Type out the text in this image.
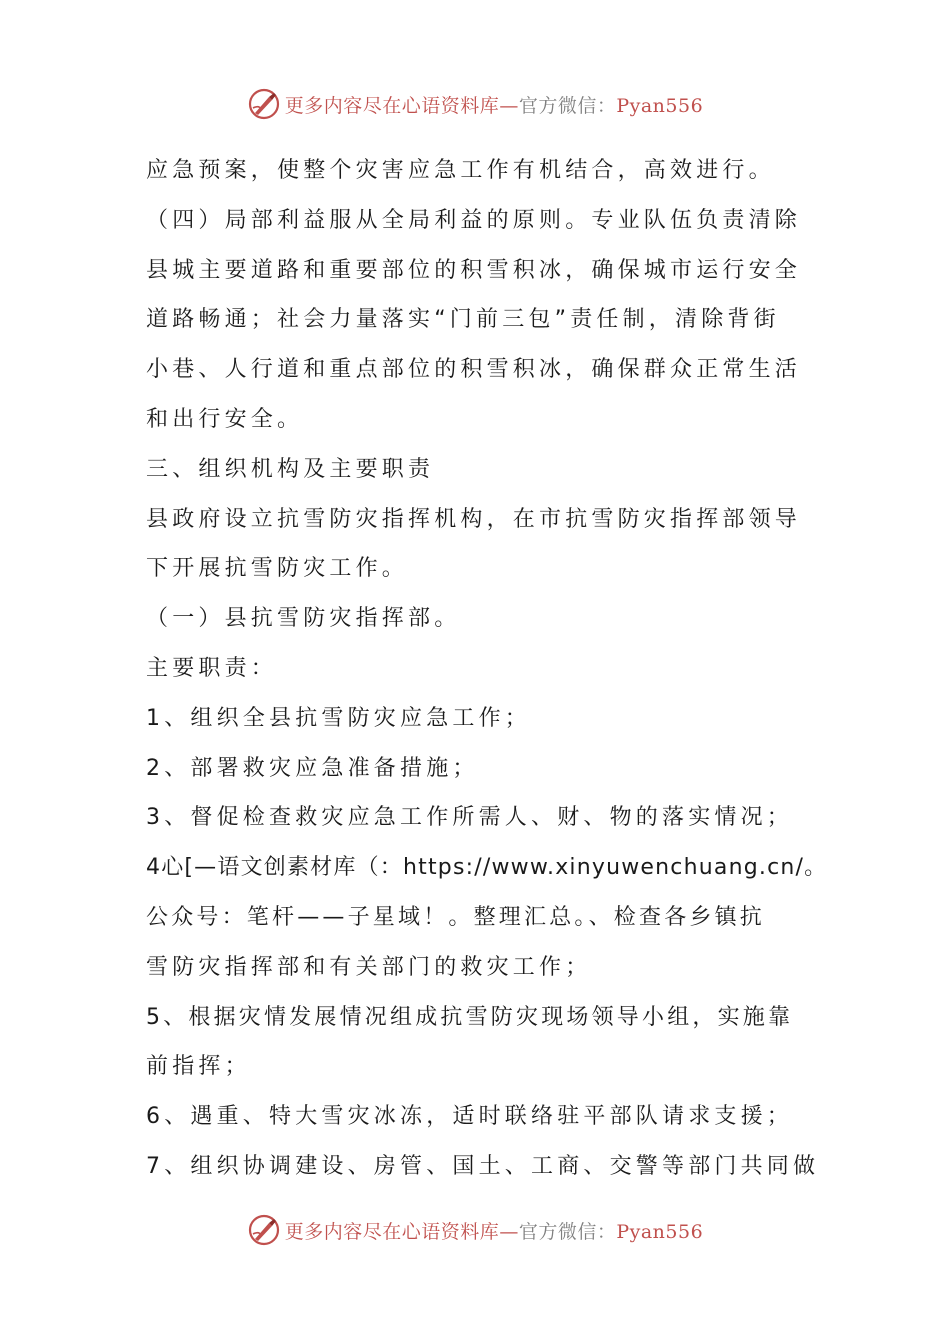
更多内容尽在心语资料库—官方微信：Pyan556
应急预案，使整个灾害应急工作有机结合，高效进行。
（四）局部利益服从全局利益的原则。专业队伍负责清除
县城主要道路和重要部位的积雪积冰，确保城市运行安全
道路畅通；社会力量落实“门前三包”责任制，清除背街
小巷、人行道和重点部位的积雪积冰，确保群众正常生活
和出行安全。
三、组织机构及主要职责
县政府设立抗雪防灾指挥机构，在市抗雪防灾指挥部领导
下开展抗雪防灾工作。
（一）县抗雪防灾指挥部。
主要职责：
1、组织全县抗雪防灾应急工作；
2、部署救灾应急准备措施；
3、督促检查救灾应急工作所需人、财、物的落实情况；
4心[—语文创素材库（：https://www.xinyuwenchuang.cn/。
公众号：笔杆——子星域！。整理汇总。、检查各乡镇抗
雪防灾指挥部和有关部门的救灾工作；
5、根据灾情发展情况组成抗雪防灾现场领导小组，实施靠
前指挥；
6、遇重、特大雪灾冰冻，适时联络驻平部队请求支援；
7、组织协调建设、房管、国土、工商、交警等部门共同做
更多内容尽在心语资料库—官方微信：Pyan556
